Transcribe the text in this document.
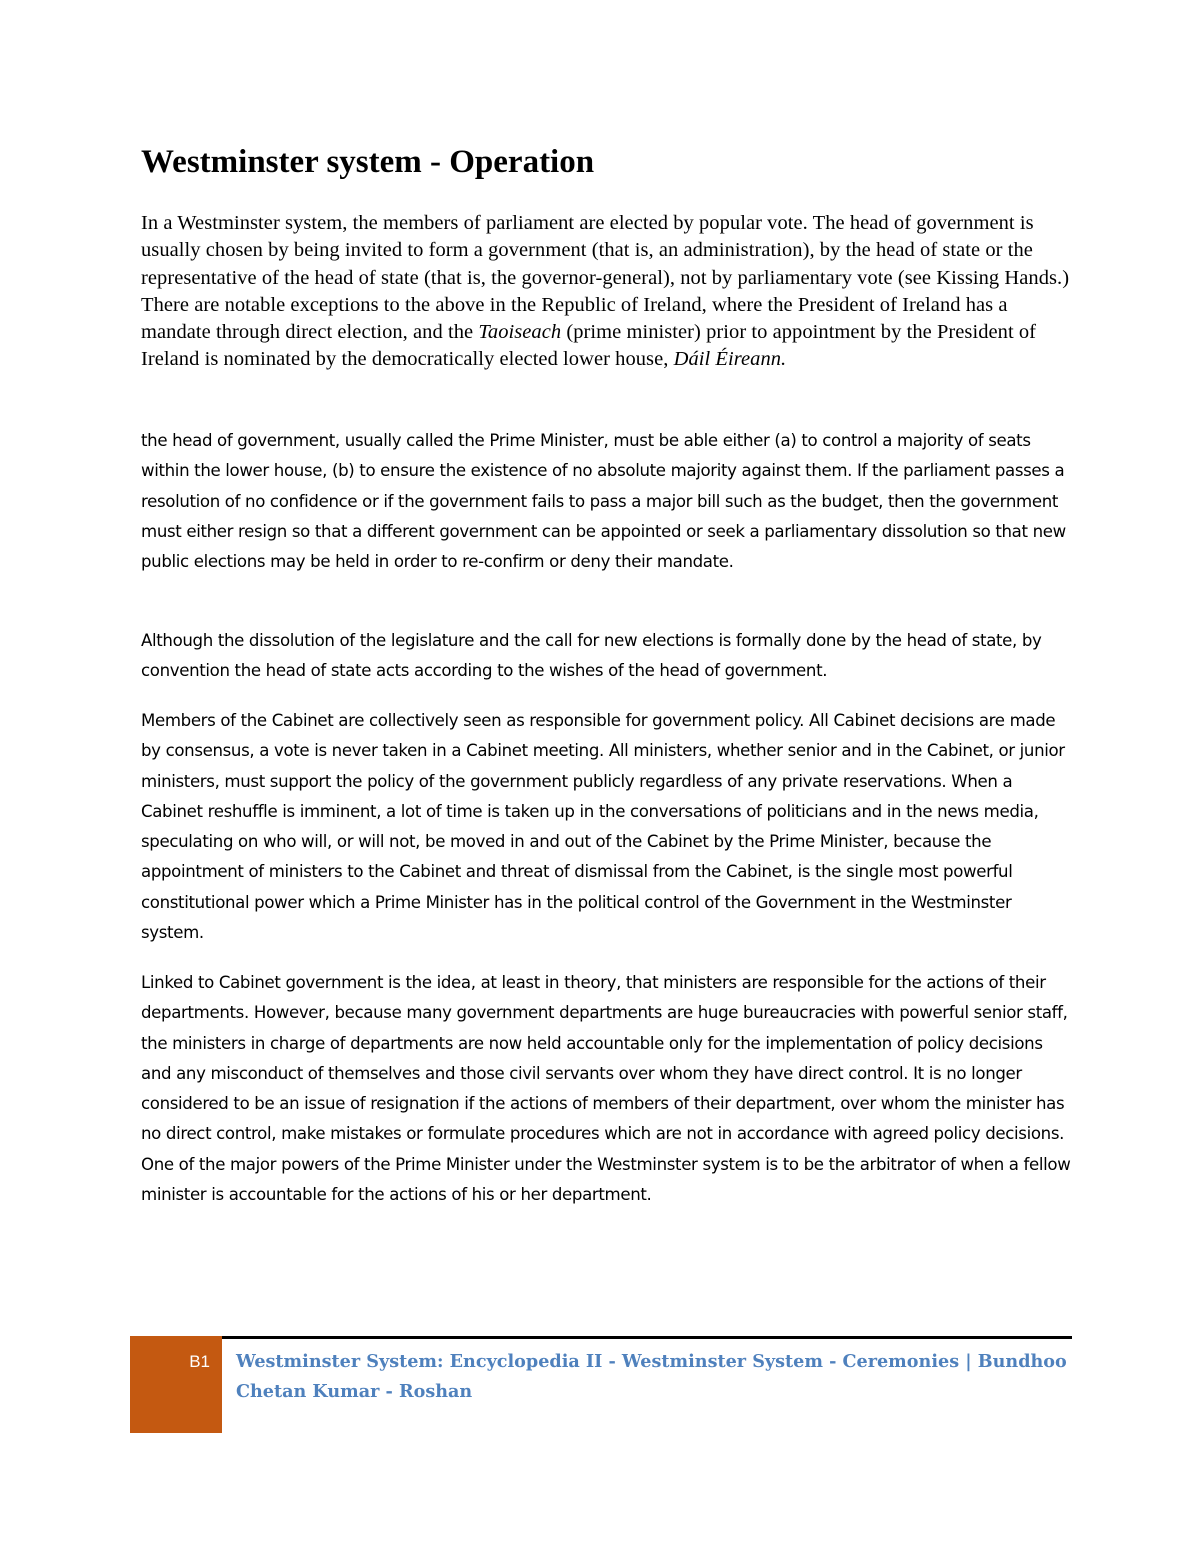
Westminster system - Operation

In a Westminster system, the members of parliament are elected by popular vote. The head of government is usually chosen by being invited to form a government (that is, an administration), by the head of state or the representative of the head of state (that is, the governor-general), not by parliamentary vote (see Kissing Hands.) There are notable exceptions to the above in the Republic of Ireland, where the President of Ireland has a mandate through direct election, and the Taoiseach (prime minister) prior to appointment by the President of Ireland is nominated by the democratically elected lower house, Dáil Éireann.

the head of government, usually called the Prime Minister, must be able either (a) to control a majority of seats within the lower house, (b) to ensure the existence of no absolute majority against them. If the parliament passes a resolution of no confidence or if the government fails to pass a major bill such as the budget, then the government must either resign so that a different government can be appointed or seek a parliamentary dissolution so that new public elections may be held in order to re-confirm or deny their mandate.

Although the dissolution of the legislature and the call for new elections is formally done by the head of state, by convention the head of state acts according to the wishes of the head of government.

Members of the Cabinet are collectively seen as responsible for government policy. All Cabinet decisions are made by consensus, a vote is never taken in a Cabinet meeting. All ministers, whether senior and in the Cabinet, or junior ministers, must support the policy of the government publicly regardless of any private reservations. When a Cabinet reshuffle is imminent, a lot of time is taken up in the conversations of politicians and in the news media, speculating on who will, or will not, be moved in and out of the Cabinet by the Prime Minister, because the appointment of ministers to the Cabinet and threat of dismissal from the Cabinet, is the single most powerful constitutional power which a Prime Minister has in the political control of the Government in the Westminster system.

Linked to Cabinet government is the idea, at least in theory, that ministers are responsible for the actions of their departments. However, because many government departments are huge bureaucracies with powerful senior staff, the ministers in charge of departments are now held accountable only for the implementation of policy decisions and any misconduct of themselves and those civil servants over whom they have direct control. It is no longer considered to be an issue of resignation if the actions of members of their department, over whom the minister has no direct control, make mistakes or formulate procedures which are not in accordance with agreed policy decisions. One of the major powers of the Prime Minister under the Westminster system is to be the arbitrator of when a fellow minister is accountable for the actions of his or her department.

B1 Westminster System: Encyclopedia II - Westminster System - Ceremonies | Bundhoo Chetan Kumar - Roshan
